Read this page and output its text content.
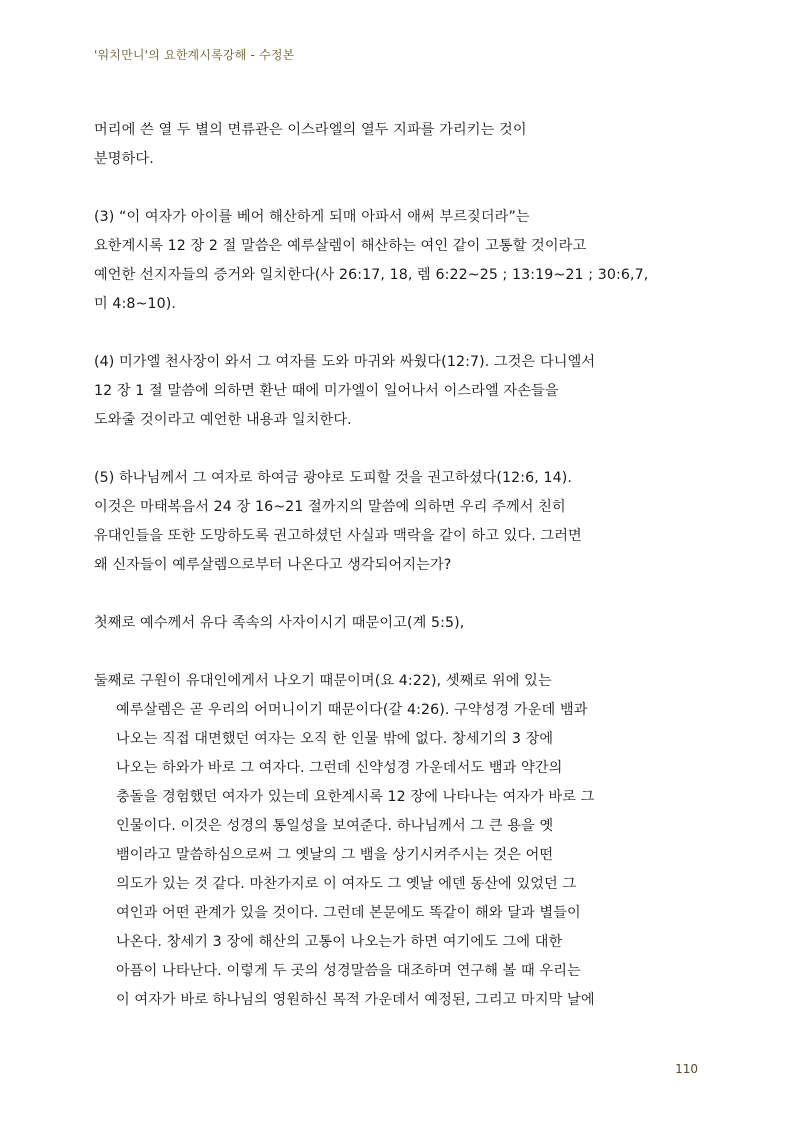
'워치만니'의 요한계시록강해 - 수정본
머리에 쓴 열 두 별의 면류관은 이스라엘의 열두 지파를 가리키는 것이
분명하다.
(3) “이 여자가 아이를 베어 해산하게 되매 아파서 애써 부르짖더라”는
요한계시록 12 장 2 절 말씀은 예루살렘이 해산하는 여인 같이 고통할 것이라고
예언한 선지자들의 증거와 일치한다(사 26:17, 18, 렘 6:22~25 ; 13:19~21 ; 30:6,7,
미 4:8~10).
(4) 미가엘 천사장이 와서 그 여자를 도와 마귀와 싸웠다(12:7). 그것은 다니엘서
12 장 1 절 말씀에 의하면 환난 때에 미가엘이 일어나서 이스라엘 자손들을
도와줄 것이라고 예언한 내용과 일치한다.
(5) 하나님께서 그 여자로 하여금 광야로 도피할 것을 권고하셨다(12:6, 14).
이것은 마태복음서 24 장 16~21 절까지의 말씀에 의하면 우리 주께서 친히
유대인들을 또한 도망하도록 권고하셨던 사실과 맥락을 같이 하고 있다. 그러면
왜 신자들이 예루살렘으로부터 나온다고 생각되어지는가?
첫째로 예수께서 유다 족속의 사자이시기 때문이고(계 5:5),
둘째로 구원이 유대인에게서 나오기 때문이며(요 4:22), 셋째로 위에 있는
예루살렘은 곧 우리의 어머니이기 때문이다(갈 4:26). 구약성경 가운데 뱀과
나오는 직접 대면했던 여자는 오직 한 인물 밖에 없다. 창세기의 3 장에
나오는 하와가 바로 그 여자다. 그런데 신약성경 가운데서도 뱀과 약간의
충돌을 경험했던 여자가 있는데 요한계시록 12 장에 나타나는 여자가 바로 그
인물이다. 이것은 성경의 통일성을 보여준다. 하나님께서 그 큰 용을 옛
뱀이라고 말씀하심으로써 그 옛날의 그 뱀을 상기시켜주시는 것은 어떤
의도가 있는 것 같다. 마찬가지로 이 여자도 그 옛날 에덴 동산에 있었던 그
여인과 어떤 관계가 있을 것이다. 그런데 본문에도 똑같이 해와 달과 별들이
나온다. 창세기 3 장에 해산의 고통이 나오는가 하면 여기에도 그에 대한
아픔이 나타난다. 이렇게 두 곳의 성경말씀을 대조하며 연구해 볼 때 우리는
이 여자가 바로 하나님의 영원하신 목적 가운데서 예정된, 그리고 마지막 날에
110
